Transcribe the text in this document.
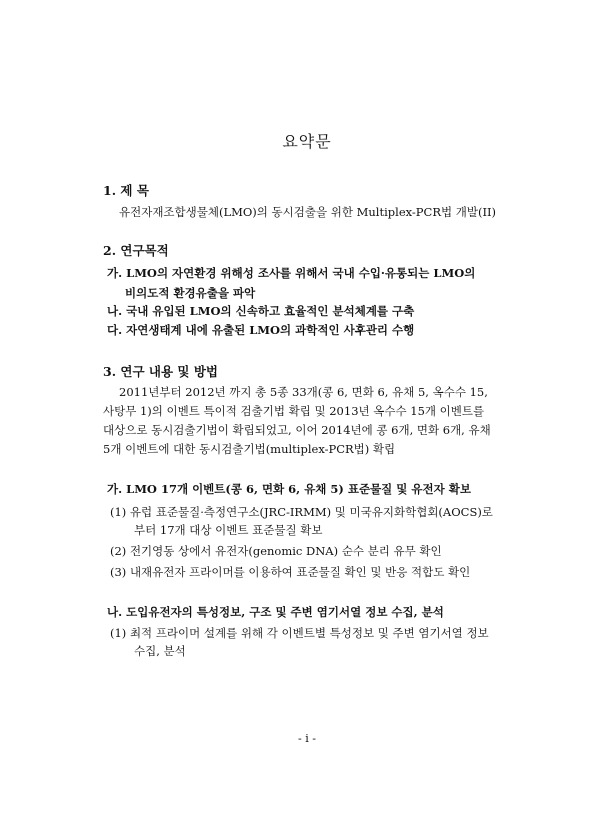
요약문
1. 제 목
유전자재조합생물체(LMO)의 동시검출을 위한 Multiplex-PCR법 개발(II)
2. 연구목적
가. LMO의 자연환경 위해성 조사를 위해서 국내 수입·유통되는 LMO의
비의도적 환경유출을 파악
나. 국내 유입된 LMO의 신속하고 효율적인 분석체계를 구축
다. 자연생태계 내에 유출된 LMO의 과학적인 사후관리 수행
3. 연구 내용 및 방법
2011년부터 2012년 까지 총 5종 33개(콩 6, 면화 6, 유채 5, 옥수수 15,
사탕무 1)의 이벤트 특이적 검출기법 확립 및 2013년 옥수수 15개 이벤트를
대상으로 동시검출기법이 확립되었고, 이어 2014년에 콩 6개, 면화 6개, 유채
5개 이벤트에 대한 동시검출기법(multiplex-PCR법) 확립
가. LMO 17개 이벤트(콩 6, 면화 6, 유채 5) 표준물질 및 유전자 확보
(1) 유럽 표준물질·측정연구소(JRC-IRMM) 및 미국유지화학협회(AOCS)로
부터 17개 대상 이벤트 표준물질 확보
(2) 전기영동 상에서 유전자(genomic DNA) 순수 분리 유무 확인
(3) 내재유전자 프라이머를 이용하여 표준물질 확인 및 반응 적합도 확인
나. 도입유전자의 특성정보, 구조 및 주변 염기서열 정보 수집, 분석
(1) 최적 프라이머 설계를 위해 각 이벤트별 특성정보 및 주변 염기서열 정보
수집, 분석
- i -
